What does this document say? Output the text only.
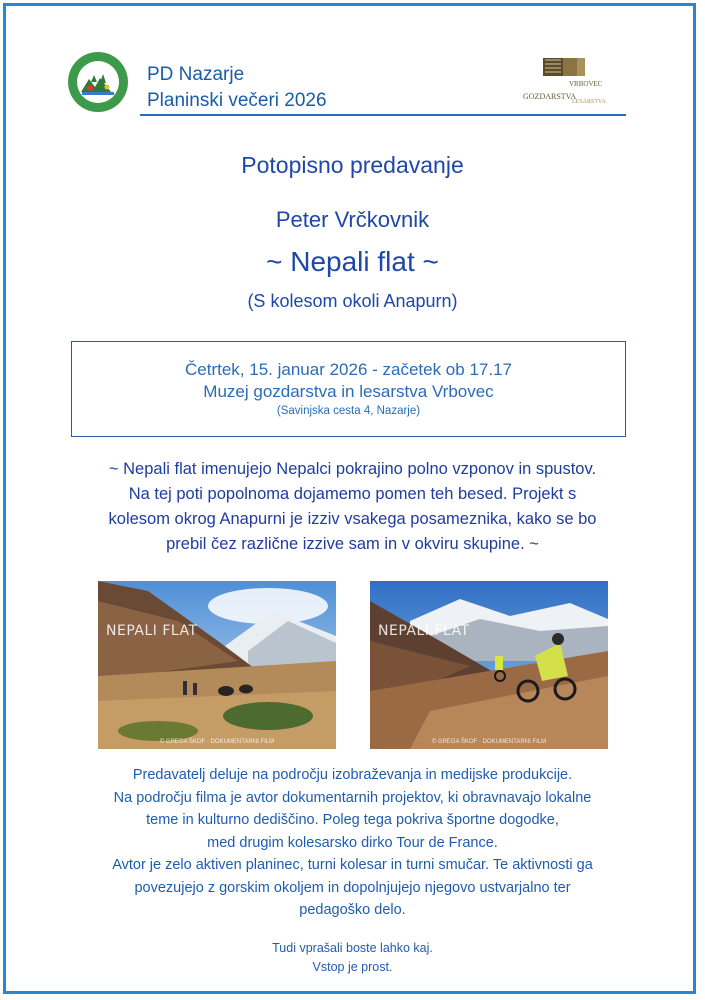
PD Nazarje
Planinski večeri 2026
VRBOVEC
GOZDARSTVA
LESARSTVA
Potopisno predavanje
Peter Vrčkovnik
~ Nepali flat ~
(S kolesom okoli Anapurn)
Četrtek, 15. januar 2026 - začetek ob 17.17
Muzej gozdarstva in lesarstva Vrbovec
(Savinjska cesta 4, Nazarje)
~ Nepali flat imenujejo Nepalci pokrajino polno vzponov in spustov.
Na tej poti popolnoma dojamemo pomen teh besed. Projekt s
kolesom okrog Anapurni je izziv vsakega posameznika, kako se bo
prebil čez različne izzive sam in v okviru skupine. ~
NEPALI FLAT
© GREGA ŠKOF · DOKUMENTARNI FILM
NEPALI FLAT
© GREGA ŠKOF · DOKUMENTARNI FILM
Predavatelj deluje na področju izobraževanja in medijske produkcije.
Na področju filma je avtor dokumentarnih projektov, ki obravnavajo lokalne
teme in kulturno dediščino. Poleg tega pokriva športne dogodke,
med drugim kolesarsko dirko Tour de France.
Avtor je zelo aktiven planinec, turni kolesar in turni smučar. Te aktivnosti ga
povezujejo z gorskim okoljem in dopolnjujejo njegovo ustvarjalno ter
pedagoško delo.
Tudi vprašali boste lahko kaj.
Vstop je prost.
